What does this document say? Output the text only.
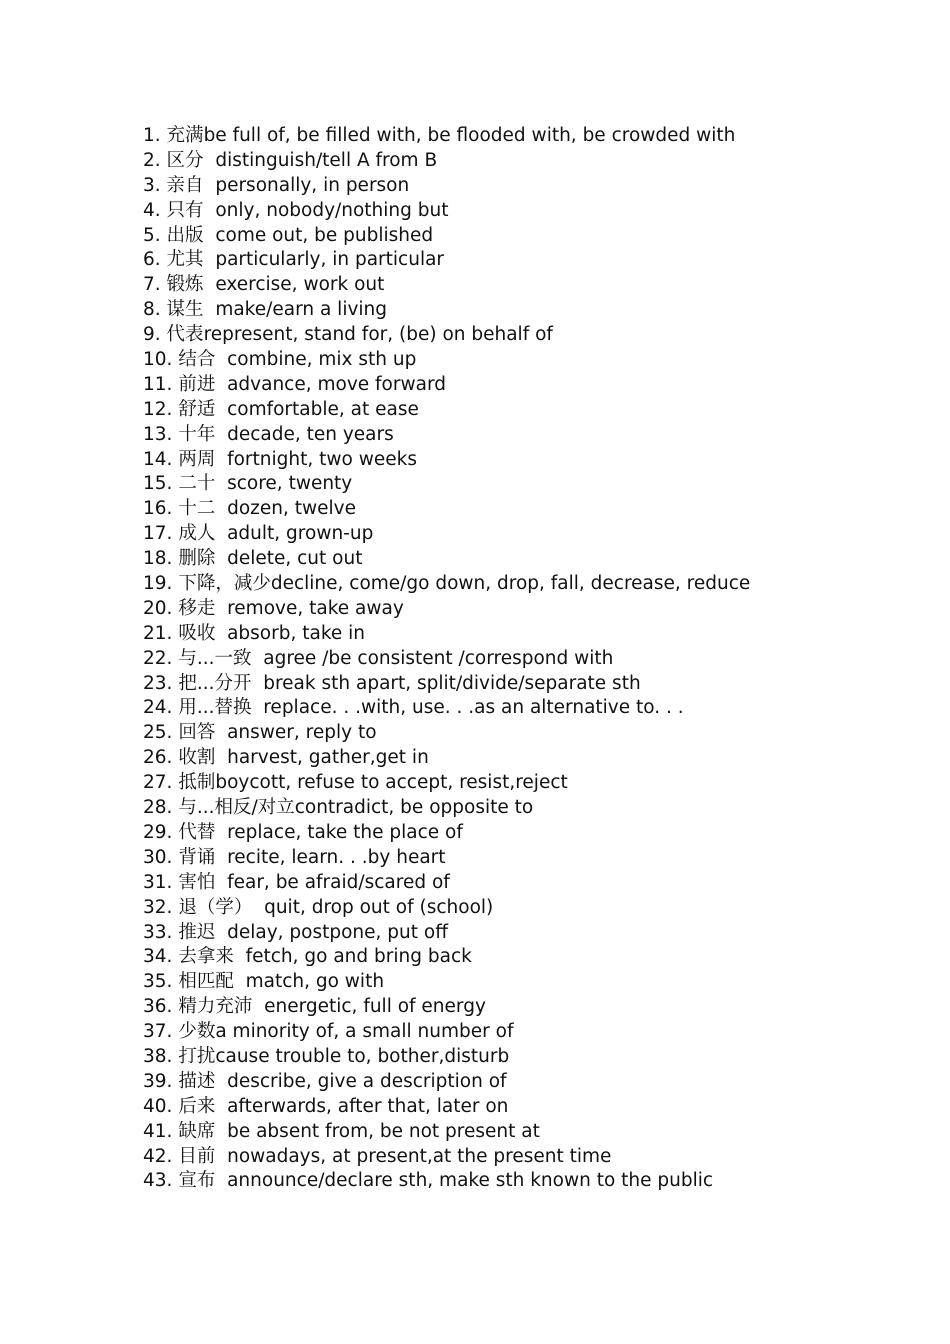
1. 充满be full of, be filled with, be flooded with, be crowded with
2. 区分 distinguish/tell A from B
3. 亲自 personally, in person
4. 只有 only, nobody/nothing but
5. 出版 come out, be published
6. 尤其 particularly, in particular
7. 锻炼 exercise, work out
8. 谋生 make/earn a living
9. 代表represent, stand for, (be) on behalf of
10. 结合 combine, mix sth up
11. 前进 advance, move forward
12. 舒适 comfortable, at ease
13. 十年 decade, ten years
14. 两周 fortnight, two weeks
15. 二十 score, twenty
16. 十二 dozen, twelve
17. 成人 adult, grown-up
18. 删除 delete, cut out
19. 下降，减少decline, come/go down, drop, fall, decrease, reduce
20. 移走 remove, take away
21. 吸收 absorb, take in
22. 与...一致 agree /be consistent /correspond with
23. 把...分开 break sth apart, split/divide/separate sth
24. 用...替换 replace. . .with, use. . .as an alternative to. . .
25. 回答 answer, reply to
26. 收割 harvest, gather,get in
27. 抵制boycott, refuse to accept, resist,reject
28. 与...相反/对立contradict, be opposite to
29. 代替 replace, take the place of
30. 背诵 recite, learn. . .by heart
31. 害怕 fear, be afraid/scared of
32. 退（学） quit, drop out of (school)
33. 推迟 delay, postpone, put off
34. 去拿来 fetch, go and bring back
35. 相匹配 match, go with
36. 精力充沛 energetic, full of energy
37. 少数a minority of, a small number of
38. 打扰cause trouble to, bother,disturb
39. 描述 describe, give a description of
40. 后来 afterwards, after that, later on
41. 缺席 be absent from, be not present at
42. 目前 nowadays, at present,at the present time
43. 宣布 announce/declare sth, make sth known to the public
